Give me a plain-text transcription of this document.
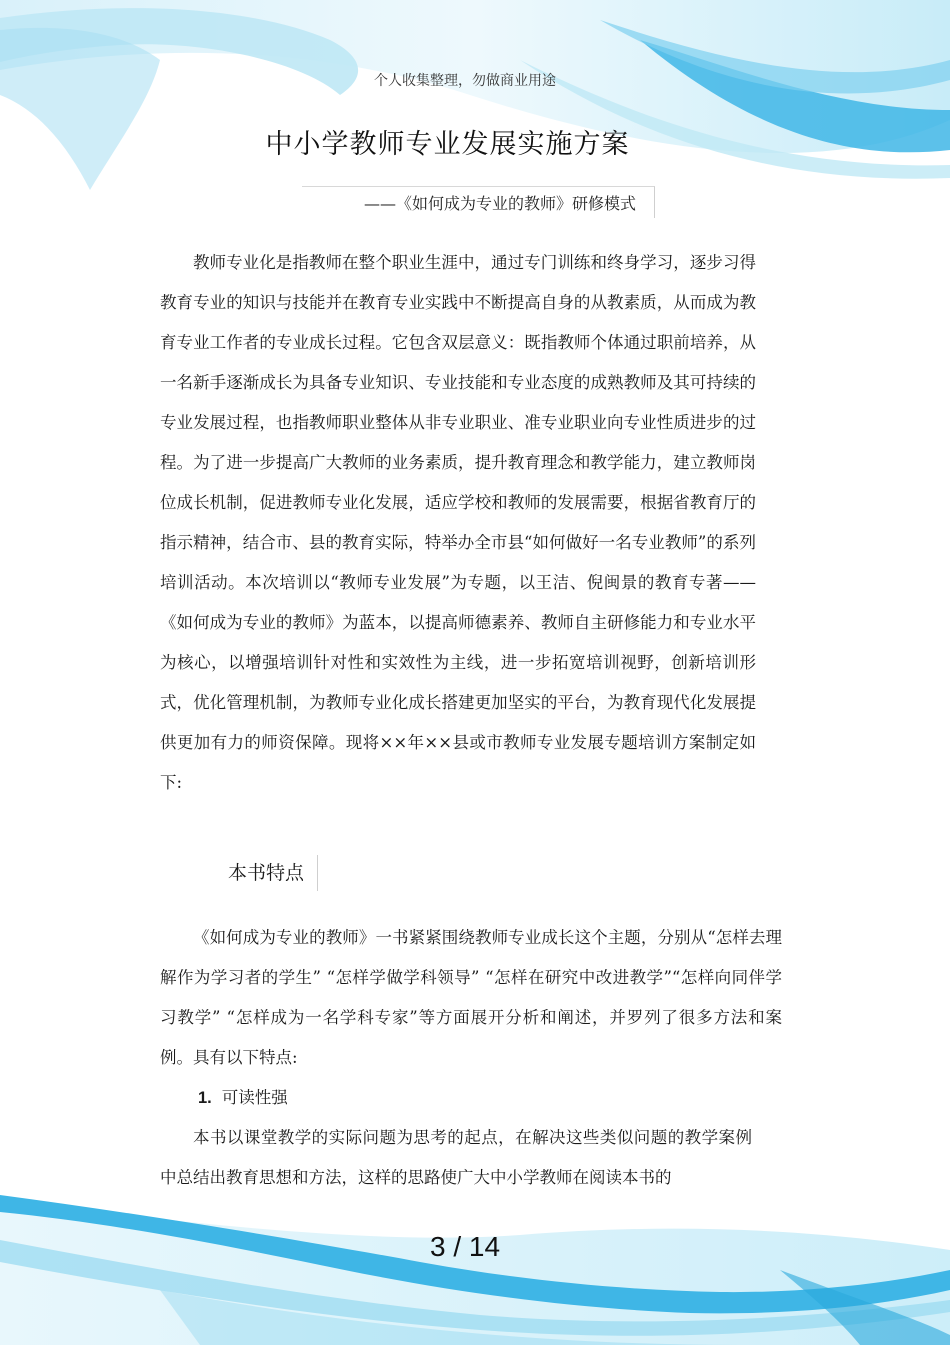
个人收集整理，勿做商业用途
中小学教师专业发展实施方案
——《如何成为专业的教师》研修模式
教师专业化是指教师在整个职业生涯中，通过专门训练和终身学习，逐步习得教育专业的知识与技能并在教育专业实践中不断提高自身的从教素质，从而成为教育专业工作者的专业成长过程。它包含双层意义：既指教师个体通过职前培养，从一名新手逐渐成长为具备专业知识、专业技能和专业态度的成熟教师及其可持续的专业发展过程，也指教师职业整体从非专业职业、准专业职业向专业性质进步的过程。为了进一步提高广大教师的业务素质，提升教育理念和教学能力，建立教师岗位成长机制，促进教师专业化发展，适应学校和教师的发展需要，根据省教育厅的指示精神，结合市、县的教育实际，特举办全市县“如何做好一名专业教师”的系列培训活动。本次培训以“教师专业发展”为专题，以王洁、倪闽景的教育专著——《如何成为专业的教师》为蓝本，以提高师德素养、教师自主研修能力和专业水平为核心，以增强培训针对性和实效性为主线，进一步拓宽培训视野，创新培训形式，优化管理机制，为教师专业化成长搭建更加坚实的平台，为教育现代化发展提供更加有力的师资保障。现将××年××县或市教师专业发展专题培训方案制定如下:
本书特点
《如何成为专业的教师》一书紧紧围绕教师专业成长这个主题，分别从“怎样去理解作为学习者的学生” “怎样学做学科领导” “怎样在研究中改进教学”“怎样向同伴学习教学” “怎样成为一名学科专家”等方面展开分析和阐述，并罗列了很多方法和案例。具有以下特点:
1. 可读性强
本书以课堂教学的实际问题为思考的起点，在解决这些类似问题的教学案例中总结出教育思想和方法，这样的思路使广大中小学教师在阅读本书的
3 / 14
